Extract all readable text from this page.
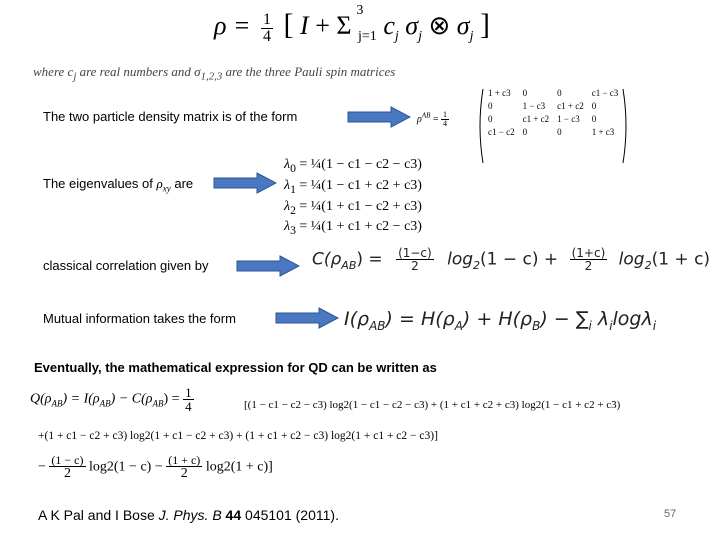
$\rho = \frac{1}{4}$ [ I + Σ
3
$_{j=1}$ $c_j$ $\sigma_j$ ⊗ $\sigma_j$ ]
where $c_j$ are real numbers and $\sigma_{1,2,3}$ are the three Pauli spin matrices
The two particle density matrix is of the form	$\rho^{AB} = \frac{1}{4}$
1 + c3	0	0	c1 − c3
0	1 − c3	c1 + c2	0
0	c1 + c2	1 − c3	0
c1 − c2	0	0	1 + c3
The eigenvalues of $\rho_{xy}$ are
$\lambda_0$ = ¼(1 − c1 − c2 − c3)
$\lambda_1$ = ¼(1 − c1 + c2 + c3)
$\lambda_2$ = ¼(1 + c1 − c2 + c3)
$\lambda_3$ = ¼(1 + c1 + c2 − c3)
classical correlation given by	$C(\rho_{AB}) = \frac{(1-c)}{2} \log_2(1 - c) + \frac{(1+c)}{2} \log_2(1 + c)$
Mutual information takes the form	$I(\rho_{AB}) = H(\rho_A) + H(\rho_B) - \sum_i$ $\lambda_i\log\lambda_i$
Eventually, the mathematical expression for QD can be written as
$Q(\rho_{AB}) = I(\rho_{AB}) - C(\rho_{AB}) = \frac{1}{4}$	[(1 − c1 − c2 − c3) log2(1 − c1 − c2 − c3) + (1 + c1 + c2 + c3) log2(1 − c1 + c2 + c3)
+(1 + c1 − c2 + c3) log2(1 + c1 − c2 + c3) + (1 + c1 + c2 − c3) log2(1 + c1 + c2 − c3)]
− $\frac{(1 - c)}{2} \log 2(1 - c) - \frac{(1 + c)}{2} \log 2(1 + c)$]
A K Pal and I Bose J. Phys. B 44 045101 (2011).	57
